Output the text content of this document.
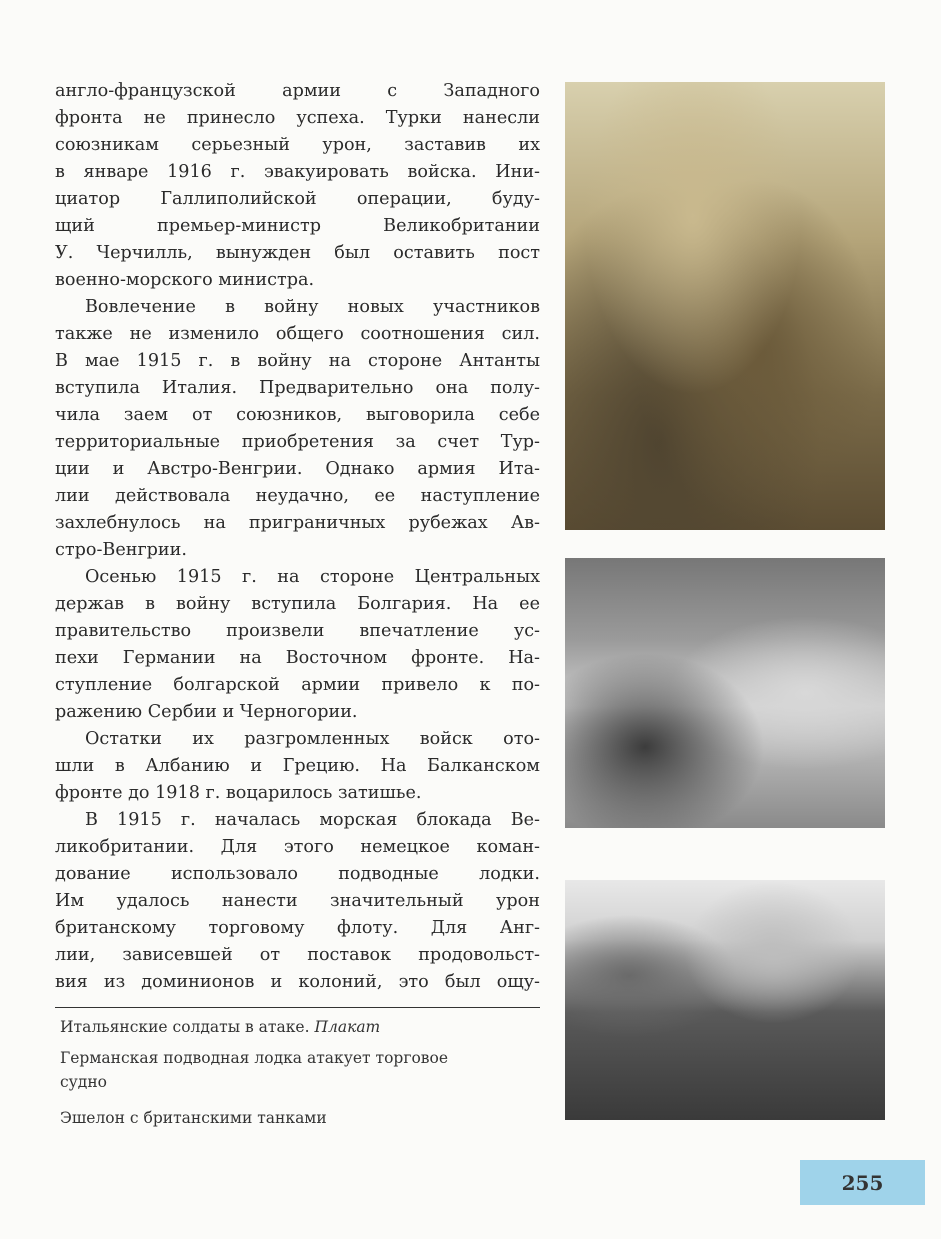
англо-французской армии с Западного
фронта не принесло успеха. Турки нанесли
союзникам серьезный урон, заставив их
в январе 1916 г. эвакуировать войска. Ини-
циатор Галлиполийской операции, буду-
щий премьер-министр Великобритании
У. Черчилль, вынужден был оставить пост
военно-морского министра.
Вовлечение в войну новых участников
также не изменило общего соотношения сил.
В мае 1915 г. в войну на стороне Антанты
вступила Италия. Предварительно она полу-
чила заем от союзников, выговорила себе
территориальные приобретения за счет Тур-
ции и Австро-Венгрии. Однако армия Ита-
лии действовала неудачно, ее наступление
захлебнулось на приграничных рубежах Ав-
стро-Венгрии.
Осенью 1915 г. на стороне Центральных
держав в войну вступила Болгария. На ее
правительство произвели впечатление ус-
пехи Германии на Восточном фронте. На-
ступление болгарской армии привело к по-
ражению Сербии и Черногории.
Остатки их разгромленных войск ото-
шли в Албанию и Грецию. На Балканском
фронте до 1918 г. воцарилось затишье.
В 1915 г. началась морская блокада Ве-
ликобритании. Для этого немецкое коман-
дование использовало подводные лодки.
Им удалось нанести значительный урон
британскому торговому флоту. Для Анг-
лии, зависевшей от поставок продовольст-
вия из доминионов и колоний, это был ощу-
Итальянские солдаты в атаке. Плакат
Германская подводная лодка атакует торговое
судно
Эшелон с британскими танками
255
